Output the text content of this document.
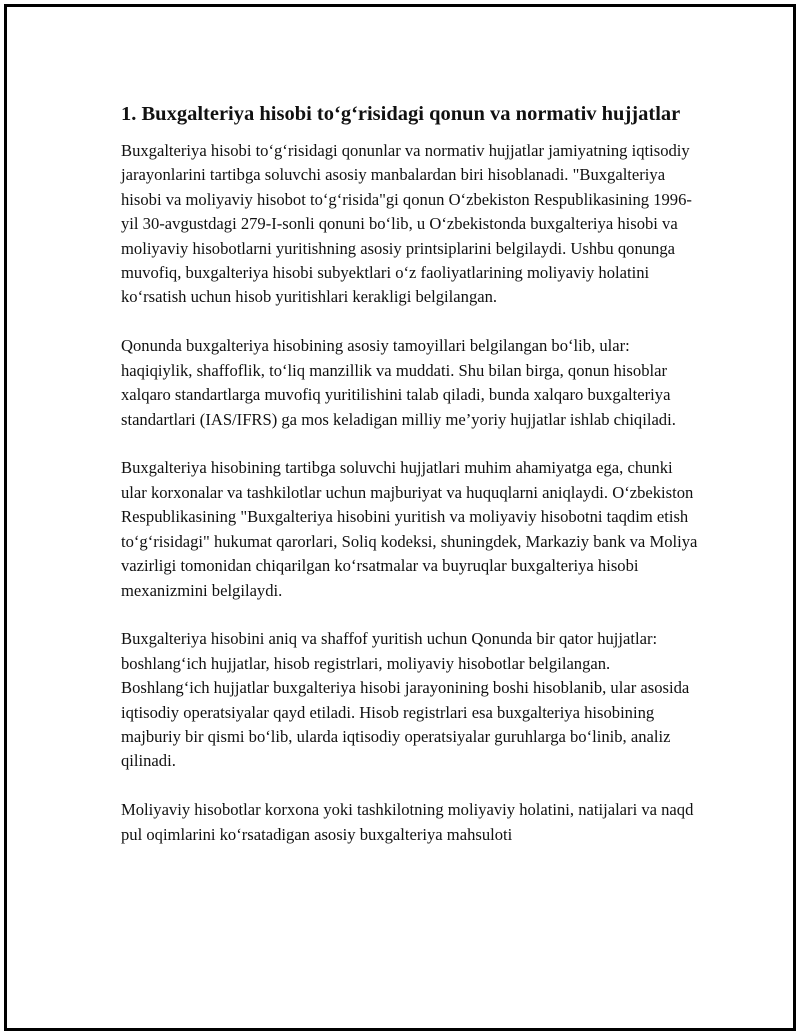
1. Buxgalteriya hisobi to‘g‘risidagi qonun va normativ hujjatlar

Buxgalteriya hisobi to‘g‘risidagi qonunlar va normativ hujjatlar jamiyatning iqtisodiy jarayonlarini tartibga soluvchi asosiy manbalardan biri hisoblanadi. "Buxgalteriya hisobi va moliyaviy hisobot to‘g‘risida"gi qonun O‘zbekiston Respublikasining 1996-yil 30-avgustdagi 279-I-sonli qonuni bo‘lib, u O‘zbekistonda buxgalteriya hisobi va moliyaviy hisobotlarni yuritishning asosiy printsiplarini belgilaydi. Ushbu qonunga muvofiq, buxgalteriya hisobi subyektlari o‘z faoliyatlarining moliyaviy holatini ko‘rsatish uchun hisob yuritishlari kerakligi belgilangan.

Qonunda buxgalteriya hisobining asosiy tamoyillari belgilangan bo‘lib, ular: haqiqiylik, shaffoflik, to‘liq manzillik va muddati. Shu bilan birga, qonun hisoblar xalqaro standartlarga muvofiq yuritilishini talab qiladi, bunda xalqaro buxgalteriya standartlari (IAS/IFRS) ga mos keladigan milliy me’yoriy hujjatlar ishlab chiqiladi.

Buxgalteriya hisobining tartibga soluvchi hujjatlari muhim ahamiyatga ega, chunki ular korxonalar va tashkilotlar uchun majburiyat va huquqlarni aniqlaydi. O‘zbekiston Respublikasining "Buxgalteriya hisobini yuritish va moliyaviy hisobotni taqdim etish to‘g‘risidagi" hukumat qarorlari, Soliq kodeksi, shuningdek, Markaziy bank va Moliya vazirligi tomonidan chiqarilgan ko‘rsatmalar va buyruqlar buxgalteriya hisobi mexanizmini belgilaydi.

Buxgalteriya hisobini aniq va shaffof yuritish uchun Qonunda bir qator hujjatlar: boshlang‘ich hujjatlar, hisob registrlari, moliyaviy hisobotlar belgilangan. Boshlang‘ich hujjatlar buxgalteriya hisobi jarayonining boshi hisoblanib, ular asosida iqtisodiy operatsiyalar qayd etiladi. Hisob registrlari esa buxgalteriya hisobining majburiy bir qismi bo‘lib, ularda iqtisodiy operatsiyalar guruhlarga bo‘linib, analiz qilinadi.

Moliyaviy hisobotlar korxona yoki tashkilotning moliyaviy holatini, natijalari va naqd pul oqimlarini ko‘rsatadigan asosiy buxgalteriya mahsuloti
